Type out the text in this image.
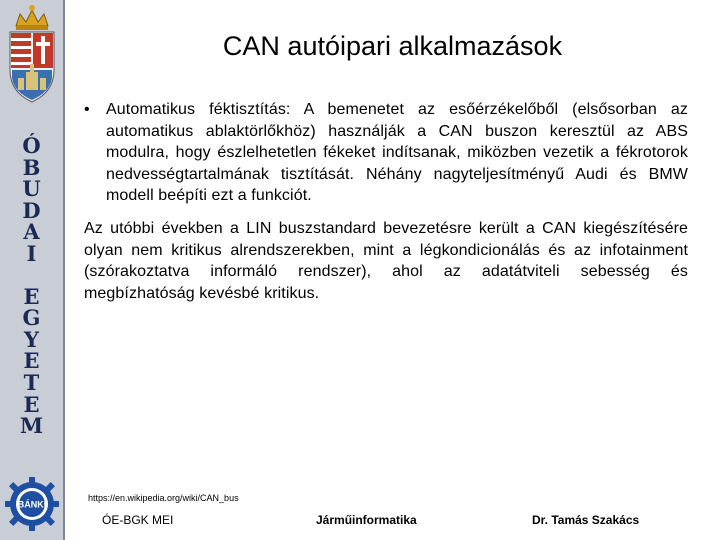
Ó
B
U
D
A
I
E
G
Y
E
T
E
M
BÁNKI
CAN autóipari alkalmazások
•	Automatikus féktisztítás: A bemenetet az esőérzékelőből (elsősorban az automatikus ablaktörlőkhöz) használják a CAN buszon keresztül az ABS modulra, hogy észlelhetetlen fékeket indítsanak, miközben vezetik a fékrotorok nedvességtartalmának tisztítását. Néhány nagyteljesítményű Audi és BMW modell beépíti ezt a funkciót.
Az utóbbi években a LIN buszstandard bevezetésre került a CAN kiegészítésére olyan nem kritikus alrendszerekben, mint a légkondicionálás és az infotainment (szórakoztatva informáló rendszer), ahol az adatátviteli sebesség és megbízhatóság kevésbé kritikus.
https://en.wikipedia.org/wiki/CAN_bus
ÓE-BGK MEI	Járműinformatika	Dr. Tamás Szakács
